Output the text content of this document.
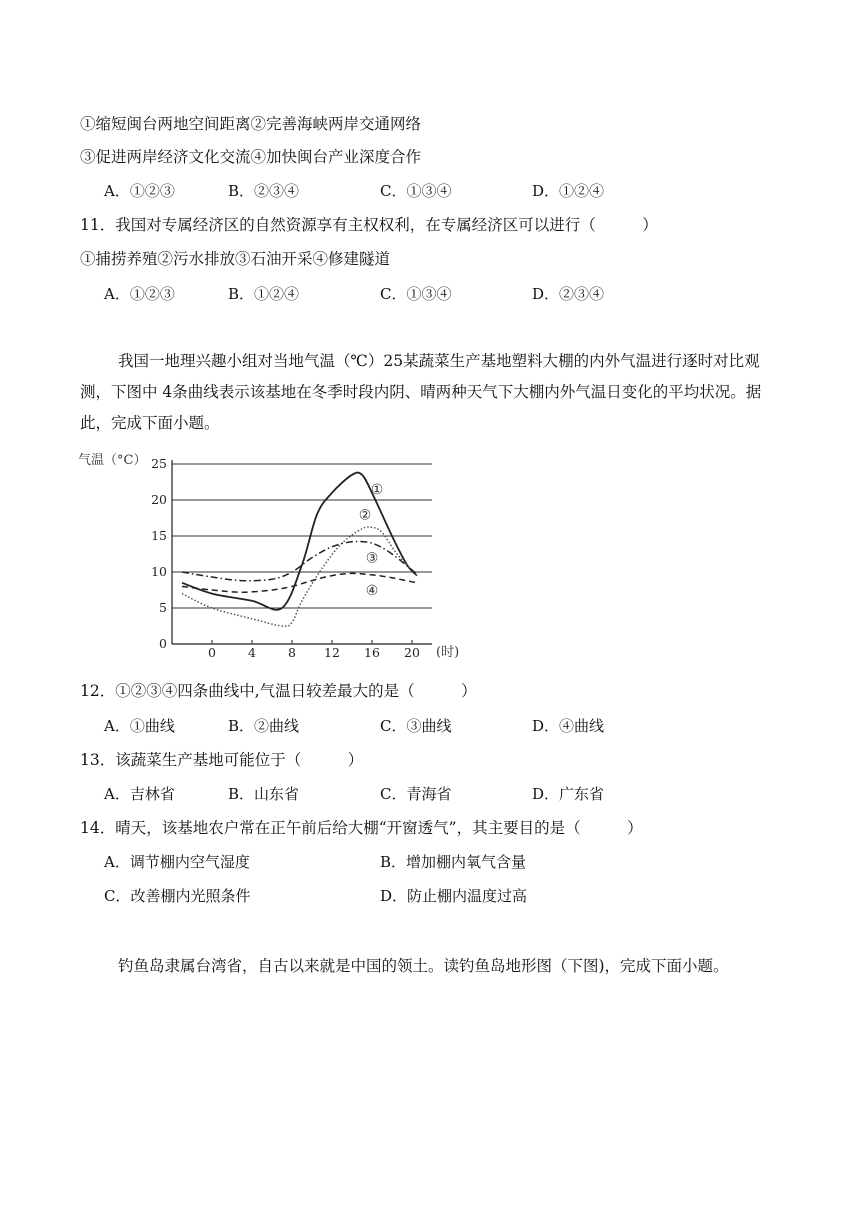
①缩短闽台两地空间距离②完善海峡两岸交通网络
③促进两岸经济文化交流④加快闽台产业深度合作
A．①②③	B．②③④	C．①③④	D．①②④
11．我国对专属经济区的自然资源享有主权权利，在专属经济区可以进行（　　　）
①捕捞养殖②污水排放③石油开采④修建隧道
A．①②③	B．①②④	C．①③④	D．②③④
我国一地理兴趣小组对当地气温（℃）25某蔬菜生产基地塑料大棚的内外气温进行逐时对比观测，下图中 4条曲线表示该基地在冬季时段内阴、晴两种天气下大棚内外气温日变化的平均状况。据此，完成下面小题。
0
5
10
15
20
25
0	4	8 12 16 20
①
②
③
④
气温（°C）
(时)
12．①②③④四条曲线中,气温日较差最大的是（　　　）
A．①曲线	B．②曲线	C．③曲线	D．④曲线
13．该蔬菜生产基地可能位于（　　　）
A．吉林省	B．山东省	C．青海省	D．广东省
14．晴天，该基地农户常在正午前后给大棚“开窗透气”，其主要目的是（　　　）
A．调节棚内空气湿度	B．增加棚内氧气含量
C．改善棚内光照条件	D．防止棚内温度过高
钓鱼岛隶属台湾省，自古以来就是中国的领土。读钓鱼岛地形图（下图)，完成下面小题。
